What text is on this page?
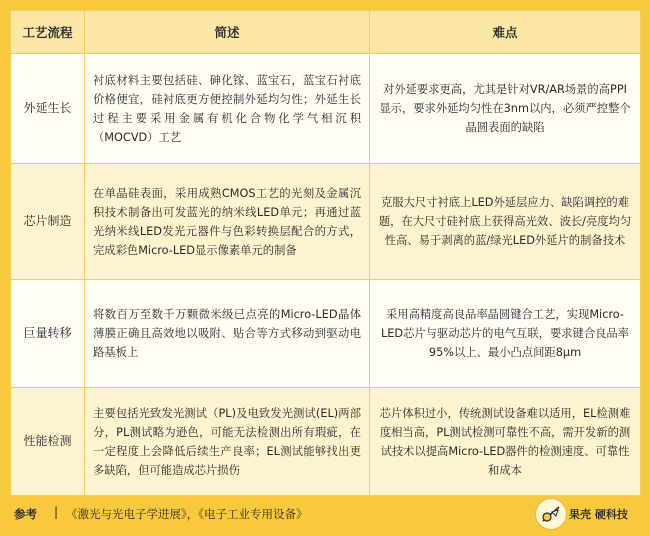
工艺流程	简述	难点
外延生长	衬底材料主要包括硅、砷化镓、蓝宝石，蓝宝石衬底价格便宜，硅衬底更方便控制外延均匀性；外延生长过程主要采用金属有机化合物化学气相沉积（MOCVD）工艺	对外延要求更高，尤其是针对VR/AR场景的高PPI显示，要求外延均匀性在3nm以内，必须严控整个晶圆表面的缺陷
芯片制造	在单晶硅表面，采用成熟CMOS工艺的光刻及金属沉积技术制备出可发蓝光的纳米线LED单元；再通过蓝光纳米线LED发光元器件与色彩转换层配合的方式，完成彩色Micro-LED显示像素单元的制备	克服大尺寸衬底上LED外延层应力、缺陷调控的难题，在大尺寸硅衬底上获得高光效、波长/亮度均匀性高、易于剥离的蓝/绿光LED外延片的制备技术
巨量转移	将数百万至数千万颗微米级已点亮的Micro-LED晶体薄膜正确且高效地以吸附、贴合等方式移动到驱动电路基板上	采用高精度高良品率晶圆键合工艺，实现Micro-LED芯片与驱动芯片的电气互联，要求键合良品率95%以上、最小凸点间距8μm
性能检测	主要包括光致发光测试（PL)及电致发光测试(EL)两部分，PL测试略为逊色，可能无法检测出所有瑕疵，在一定程度上会降低后续生产良率；EL测试能够找出更多缺陷，但可能造成芯片损伤	芯片体积过小，传统测试设备难以适用，EL检测难度相当高，PL测试检测可靠性不高，需开发新的测试技术以提高Micro-LED器件的检测速度、可靠性和成本
参考 | 《激光与光电子学进展》，《电子工业专用设备》	果壳 硬科技
